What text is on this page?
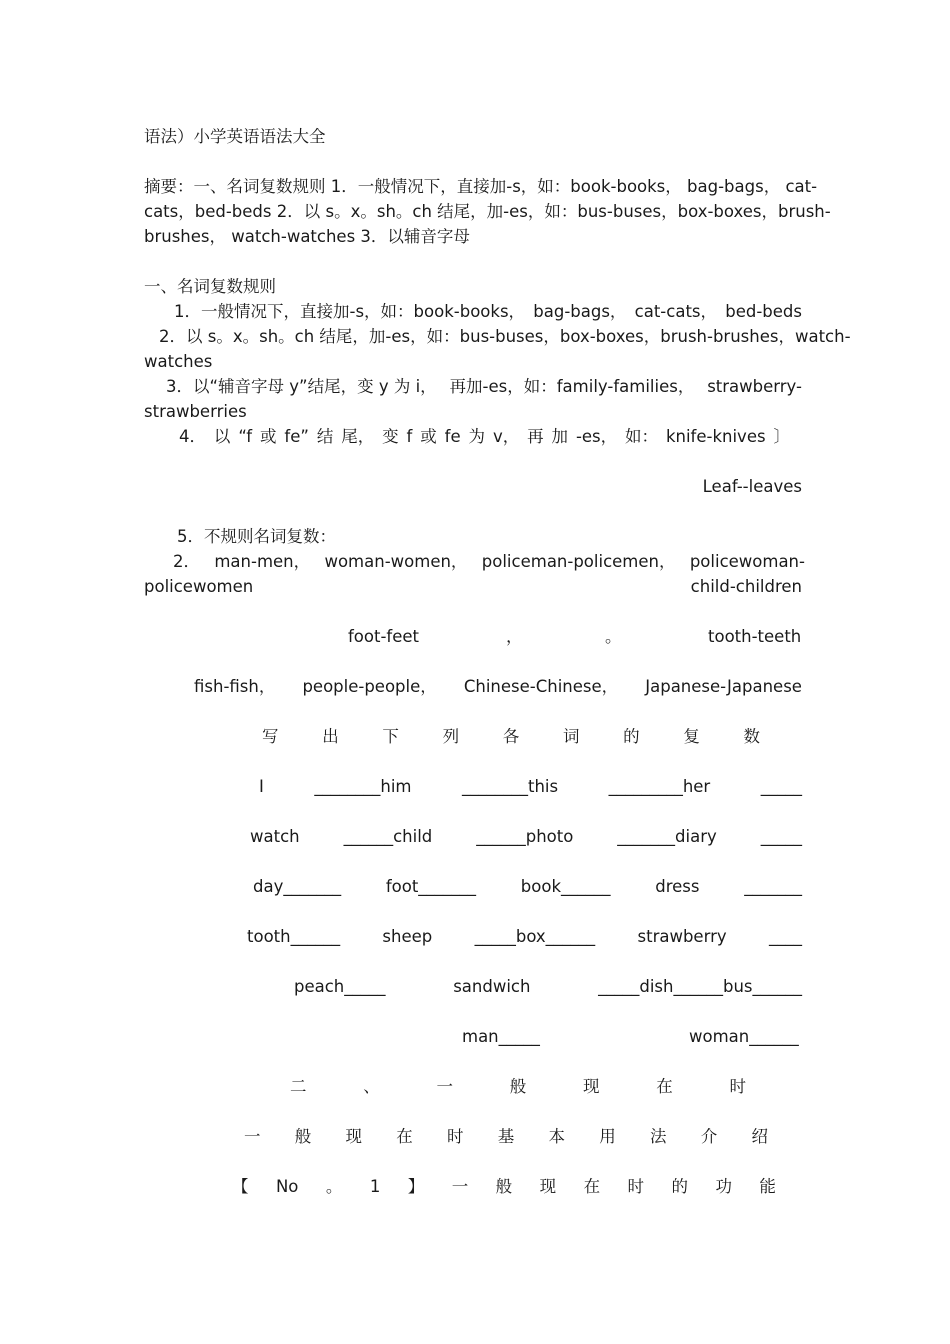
语法）小学英语语法大全
摘要：一、名词复数规则 1．一般情况下，直接加-s，如：book-books， bag-bags， cat-
cats，bed-beds 2．以 s。x。sh。ch 结尾，加-es，如：bus-buses，box-boxes，brush-
brushes， watch-watches 3．以辅音字母
一、名词复数规则
1．一般情况下，直接加-s，如：book-books， bag-bags， cat-cats， bed-beds
2．以 s。x。sh。ch 结尾，加-es，如：bus-buses，box-boxes，brush-brushes，watch-
watches
3．以“辅音字母 y”结尾，变 y 为 i， 再加-es，如：family-families， strawberry-
strawberries
4． 以 “f 或 fe” 结 尾， 变 f 或 fe 为 v， 再 加 -es， 如： knife-knives 〕
Leaf--leaves
5．不规则名词复数：
2． man-men， woman-women， policeman-policemen， policewoman-
policewomen	child-children
foot-feet	，	。	tooth-teeth
fish-fish， people-people， Chinese-Chinese， Japanese-Japanese
写	出	下	列	各	词	的	复	数
I	________him	________this	_________her	_____
watch	______child	______photo	_______diary	_____
day_______	foot_______	book______	dress	_______
tooth______	sheep	_____box______	strawberry	____
peach_____	sandwich	_____dish______bus______
man_____	woman______
二	、	一	般	现	在	时
一 般 现 在 时 基 本 用 法 介 绍
【 No 。 1 】 一 般 现 在 时 的 功 能
